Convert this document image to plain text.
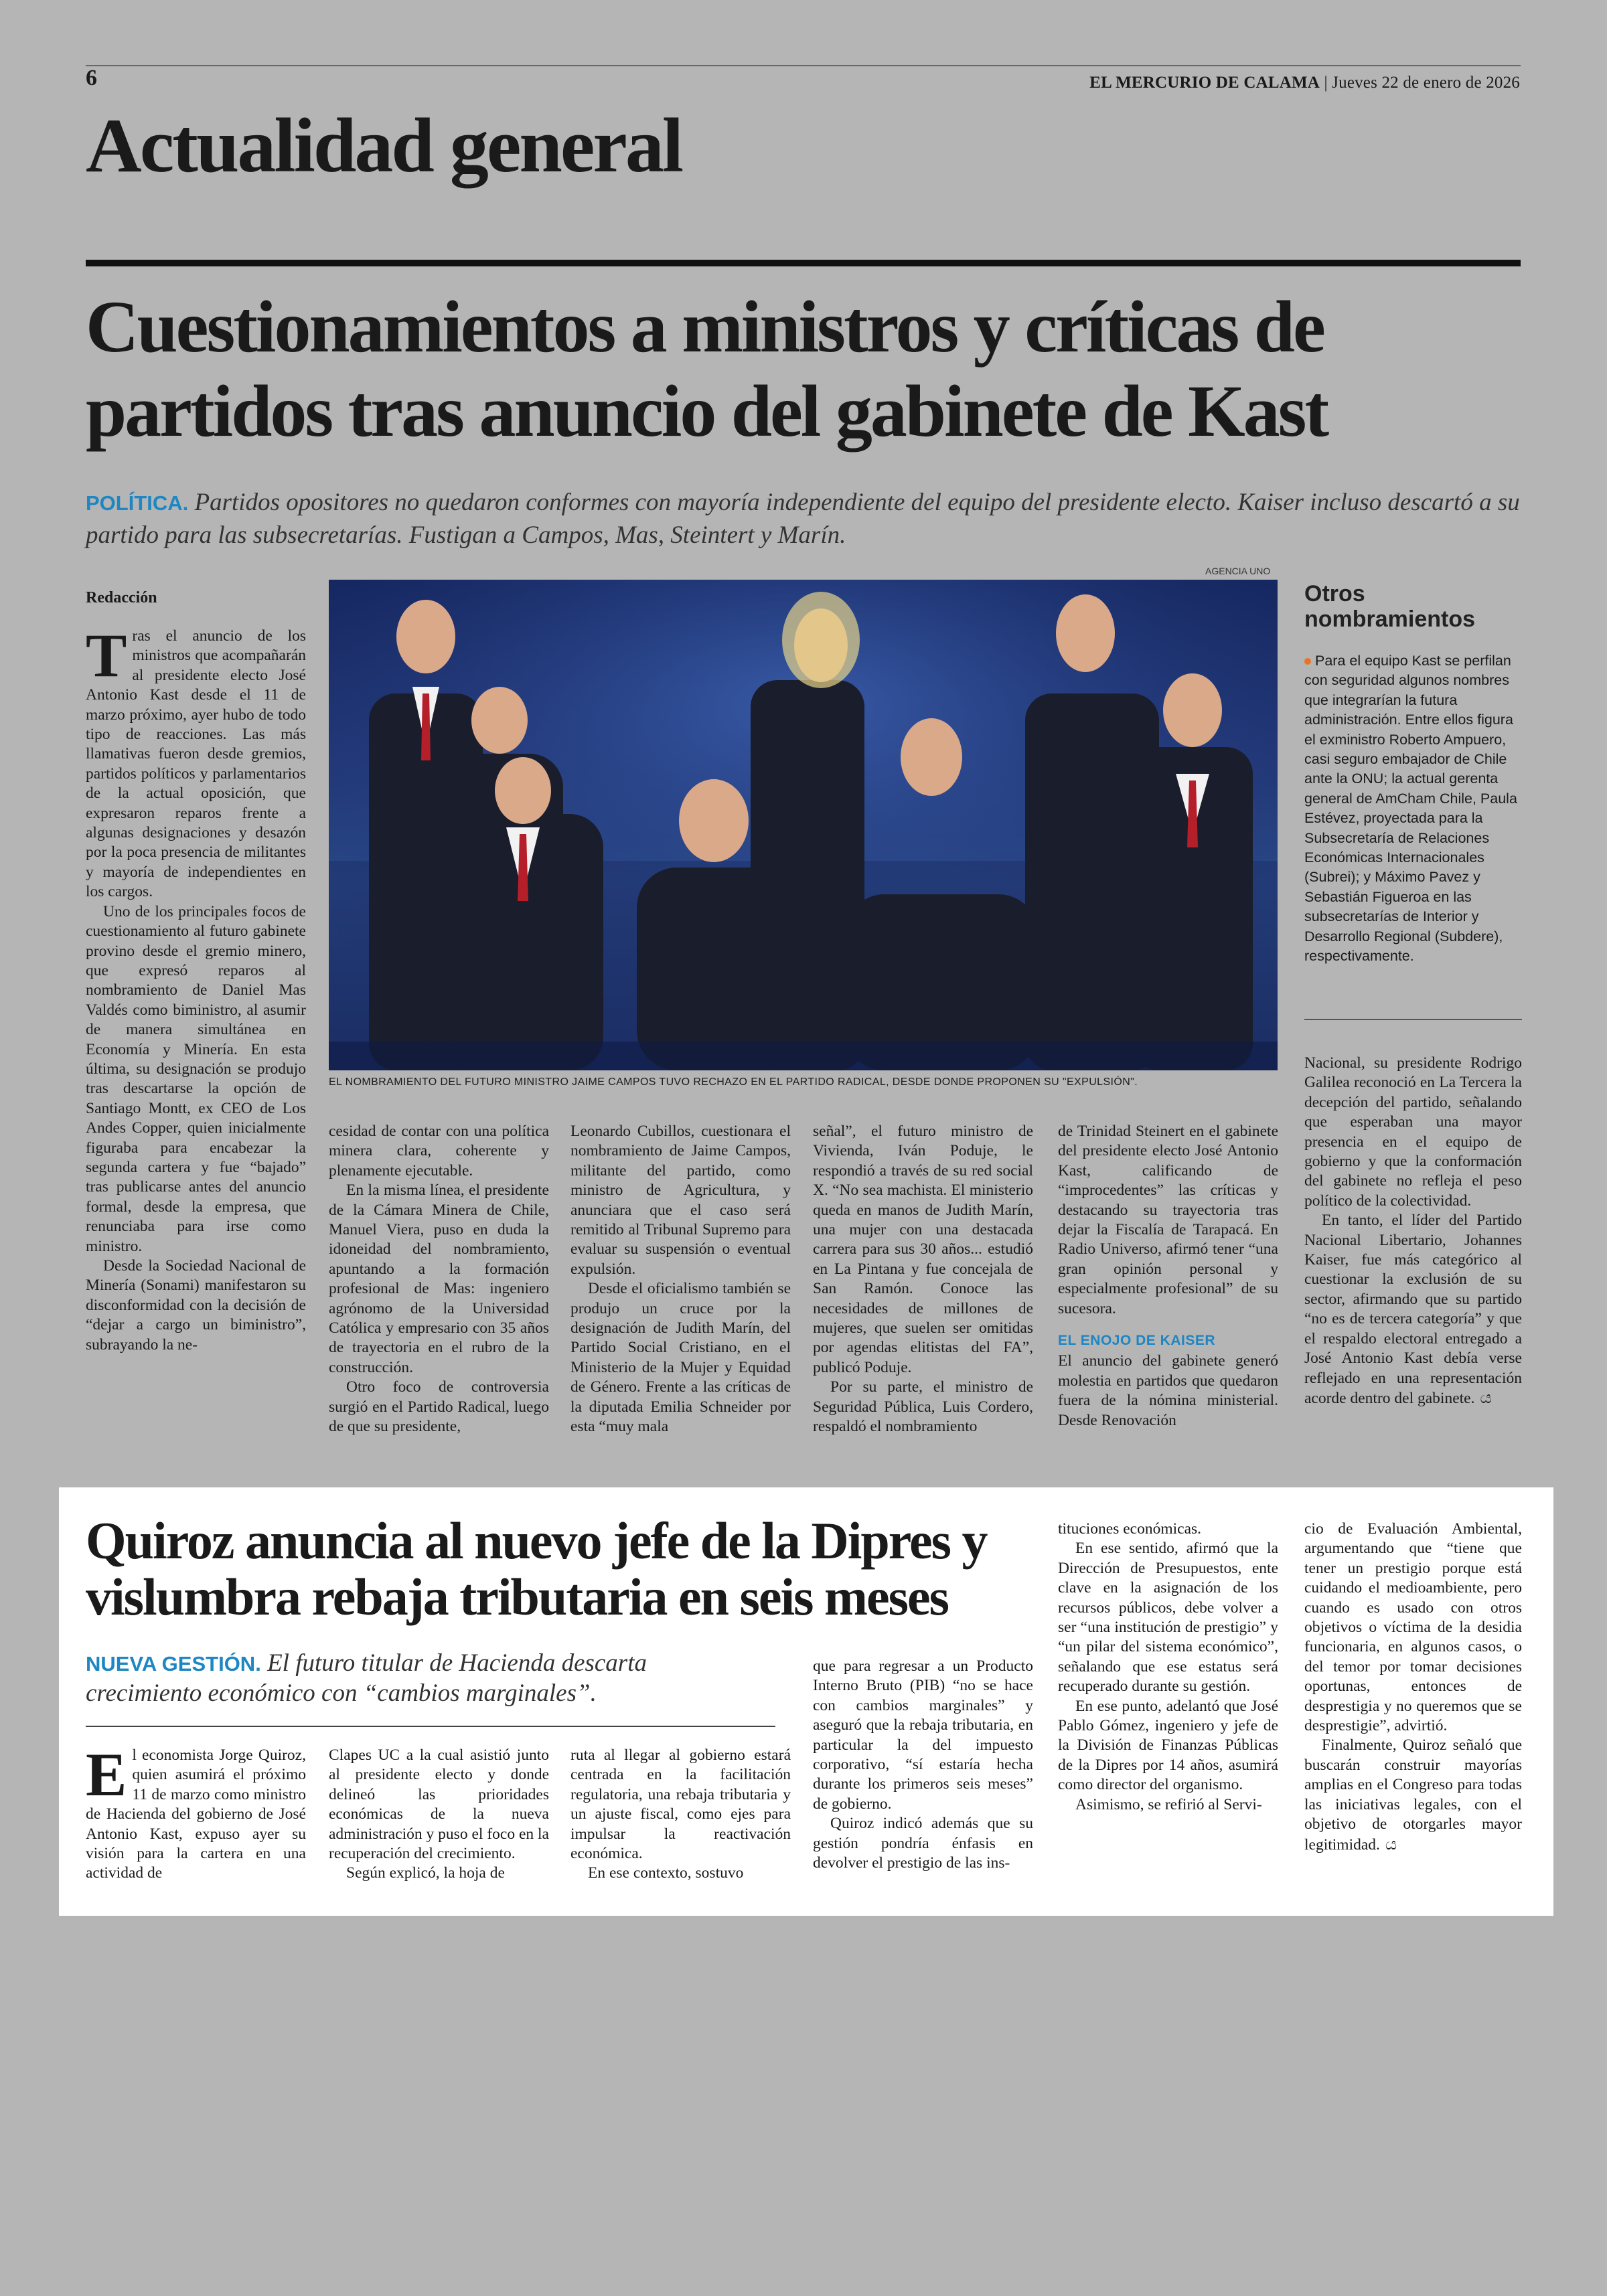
6	EL MERCURIO DE CALAMA | Jueves 22 de enero de 2026
Actualidad general
Cuestionamientos a ministros y críticas de partidos tras anuncio del gabinete de Kast
POLÍTICA. Partidos opositores no quedaron conformes con mayoría independiente del equipo del presidente electo. Kaiser incluso descartó a su partido para las subsecretarías. Fustigan a Campos, Mas, Steintert y Marín.
AGENCIA UNO
EL NOMBRAMIENTO DEL FUTURO MINISTRO JAIME CAMPOS TUVO RECHAZO EN EL PARTIDO RADICAL, DESDE DONDE PROPONEN SU "EXPULSIÓN".
Redacción

Tras el anuncio de los ministros que acompañarán al presidente electo José Antonio Kast desde el 11 de marzo próximo, ayer hubo de todo tipo de reacciones. Las más llamativas fueron desde gremios, partidos políticos y parlamentarios de la actual oposición, que expresaron reparos frente a algunas designaciones y desazón por la poca presencia de militantes y mayoría de independientes en los cargos.

Uno de los principales focos de cuestionamiento al futuro gabinete provino desde el gremio minero, que expresó reparos al nombramiento de Daniel Mas Valdés como biministro, al asumir de manera simultánea en Economía y Minería. En esta última, su designación se produjo tras descartarse la opción de Santiago Montt, ex CEO de Los Andes Copper, quien inicialmente figuraba para encabezar la segunda cartera y fue “bajado” tras publicarse antes del anuncio formal, desde la empresa, que renunciaba para irse como ministro.

Desde la Sociedad Nacional de Minería (Sonami) manifestaron su disconformidad con la decisión de “dejar a cargo un biministro”, subrayando la ne-

cesidad de contar con una política minera clara, coherente y plenamente ejecutable.

En la misma línea, el presidente de la Cámara Minera de Chile, Manuel Viera, puso en duda la idoneidad del nombramiento, apuntando a la formación profesional de Mas: ingeniero agrónomo de la Universidad Católica y empresario con 35 años de trayectoria en el rubro de la construcción.

Otro foco de controversia surgió en el Partido Radical, luego de que su presidente,

Leonardo Cubillos, cuestionara el nombramiento de Jaime Campos, militante del partido, como ministro de Agricultura, y anunciara que el caso será remitido al Tribunal Supremo para evaluar su suspensión o eventual expulsión.

Desde el oficialismo también se produjo un cruce por la designación de Judith Marín, del Partido Social Cristiano, en el Ministerio de la Mujer y Equidad de Género. Frente a las críticas de la diputada Emilia Schneider por esta “muy mala

señal”, el futuro ministro de Vivienda, Iván Poduje, le respondió a través de su red social X. “No sea machista. El ministerio queda en manos de Judith Marín, una mujer con una destacada carrera para sus 30 años... estudió en La Pintana y fue concejala de San Ramón. Conoce las necesidades de millones de mujeres, que suelen ser omitidas por agendas elitistas del FA”, publicó Poduje.

Por su parte, el ministro de Seguridad Pública, Luis Cordero, respaldó el nombramiento

de Trinidad Steinert en el gabinete del presidente electo José Antonio Kast, calificando de “improcedentes” las críticas y destacando su trayectoria tras dejar la Fiscalía de Tarapacá. En Radio Universo, afirmó tener “una gran opinión personal y especialmente profesional” de su sucesora.

EL ENOJO DE KAISER

El anuncio del gabinete generó molestia en partidos que quedaron fuera de la nómina ministerial. Desde Renovación

Nacional, su presidente Rodrigo Galilea reconoció en La Tercera la decepción del partido, señalando que esperaban una mayor presencia en el equipo de gobierno y que la conformación del gabinete no refleja el peso político de la colectividad.

En tanto, el líder del Partido Nacional Libertario, Johannes Kaiser, fue más categórico al cuestionar la exclusión de su sector, afirmando que su partido “no es de tercera categoría” y que el respaldo electoral entregado a José Antonio Kast debía verse reflejado en una representación acorde dentro del gabinete. ය

Otros nombramientos

Para el equipo Kast se perfilan con seguridad algunos nombres que integrarían la futura administración. Entre ellos figura el exministro Roberto Ampuero, casi seguro embajador de Chile ante la ONU; la actual gerenta general de AmCham Chile, Paula Estévez, proyectada para la Subsecretaría de Relaciones Económicas Internacionales (Subrei); y Máximo Pavez y Sebastián Figueroa en las subsecretarías de Interior y Desarrollo Regional (Subdere), respectivamente.

Quiroz anuncia al nuevo jefe de la Dipres y vislumbra rebaja tributaria en seis meses
NUEVA GESTIÓN. El futuro titular de Hacienda descarta crecimiento económico con “cambios marginales”.

El economista Jorge Quiroz, quien asumirá el próximo 11 de marzo como ministro de Hacienda del gobierno de José Antonio Kast, expuso ayer su visión para la cartera en una actividad de

Clapes UC a la cual asistió junto al presidente electo y donde delineó las prioridades económicas de la nueva administración y puso el foco en la recuperación del crecimiento.

Según explicó, la hoja de

ruta al llegar al gobierno estará centrada en la facilitación regulatoria, una rebaja tributaria y un ajuste fiscal, como ejes para impulsar la reactivación económica.

En ese contexto, sostuvo

que para regresar a un Producto Interno Bruto (PIB) “no se hace con cambios marginales” y aseguró que la rebaja tributaria, en particular la del impuesto corporativo, “sí estaría hecha durante los primeros seis meses” de gobierno.

Quiroz indicó además que su gestión pondría énfasis en devolver el prestigio de las ins-

tituciones económicas.

En ese sentido, afirmó que la Dirección de Presupuestos, ente clave en la asignación de los recursos públicos, debe volver a ser “una institución de prestigio” y “un pilar del sistema económico”, señalando que ese estatus será recuperado durante su gestión.

En ese punto, adelantó que José Pablo Gómez, ingeniero y jefe de la División de Finanzas Públicas de la Dipres por 14 años, asumirá como director del organismo.

Asimismo, se refirió al Servi-

cio de Evaluación Ambiental, argumentando que “tiene que tener un prestigio porque está cuidando el medioambiente, pero cuando es usado con otros objetivos o víctima de la desidia funcionaria, en algunos casos, o del temor por tomar decisiones oportunas, entonces de desprestigia y no queremos que se desprestigie”, advirtió.

Finalmente, Quiroz señaló que buscarán construir mayorías amplias en el Congreso para todas las iniciativas legales, con el objetivo de otorgarles mayor legitimidad. ය
